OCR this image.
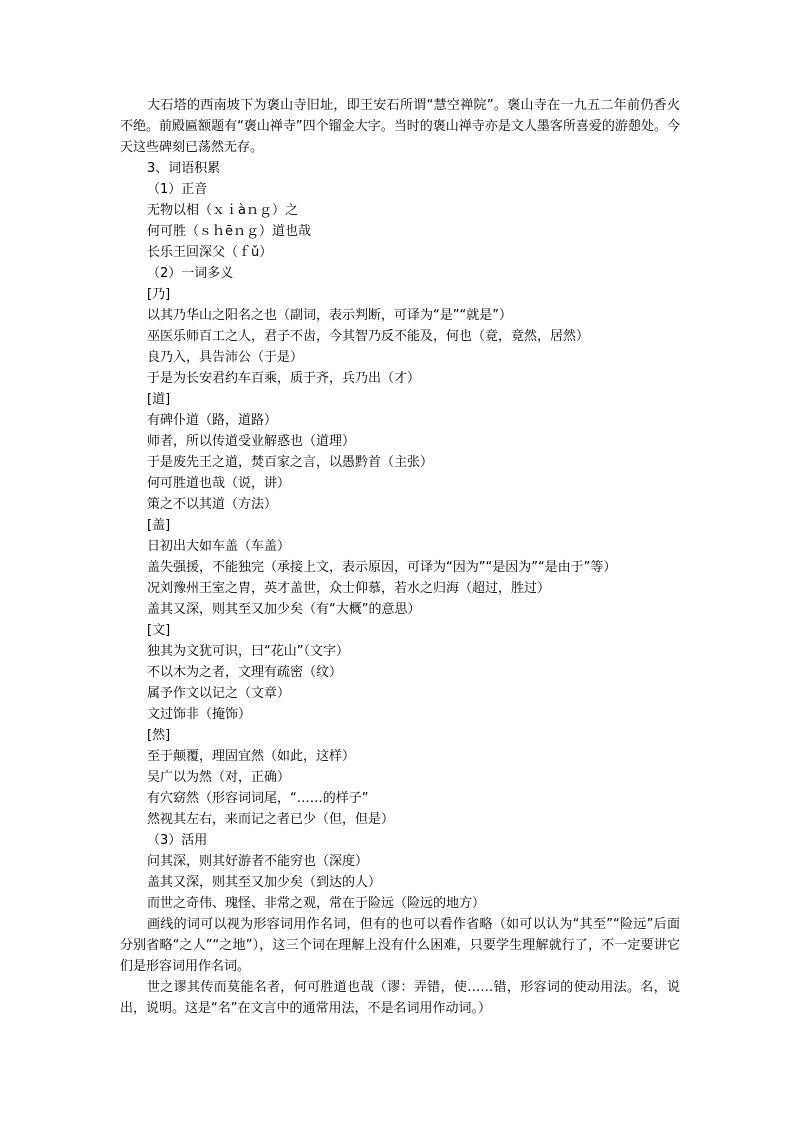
大石塔的西南坡下为褒山寺旧址，即王安石所谓“慧空禅院”。褒山寺在一九五二年前仍香火不绝。前殿匾额题有“褒山禅寺”四个镏金大字。当时的褒山禅寺亦是文人墨客所喜爱的游憩处。今天这些碑刻已荡然无存。

3、词语积累
（1）正音
无物以相（ｘｉàｎｇ）之
何可胜（ｓｈēｎｇ）道也哉
长乐王回深父（ｆǔ）
（2）一词多义
[乃]
以其乃华山之阳名之也（副词，表示判断，可译为“是”“就是”）
巫医乐师百工之人，君子不齿，今其智乃反不能及，何也（竟，竟然，居然）
良乃入，具告沛公（于是）
于是为长安君约车百乘，质于齐，兵乃出（才）
[道]
有碑仆道（路，道路）
师者，所以传道受业解惑也（道理）
于是废先王之道，焚百家之言，以愚黔首（主张）
何可胜道也哉（说，讲）
策之不以其道（方法）
[盖]
日初出大如车盖（车盖）
盖失强援，不能独完（承接上文，表示原因，可译为“因为”“是因为”“是由于”等）
况刘豫州王室之胄，英才盖世，众士仰慕，若水之归海（超过，胜过）
盖其又深，则其至又加少矣（有“大概”的意思）
[文]
独其为文犹可识，曰“花山”（文字）
不以木为之者，文理有疏密（纹）
属予作文以记之（文章）
文过饰非（掩饰）
[然]
至于颠覆，理固宜然（如此，这样）
吴广以为然（对，正确）
有穴窈然（形容词词尾，“……的样子”
然视其左右，来而记之者已少（但，但是）
（3）活用
问其深，则其好游者不能穷也（深度）
盖其又深，则其至又加少矣（到达的人）
而世之奇伟、瑰怪、非常之观，常在于险远（险远的地方）

画线的词可以视为形容词用作名词，但有的也可以看作省略（如可以认为“其至”“险远”后面分别省略“之人”“之地”），这三个词在理解上没有什么困难，只要学生理解就行了，不一定要讲它们是形容词用作名词。

世之谬其传而莫能名者，何可胜道也哉（谬：弄错，使……错，形容词的使动用法。名，说出，说明。这是“名”在文言中的通常用法，不是名词用作动词。）
